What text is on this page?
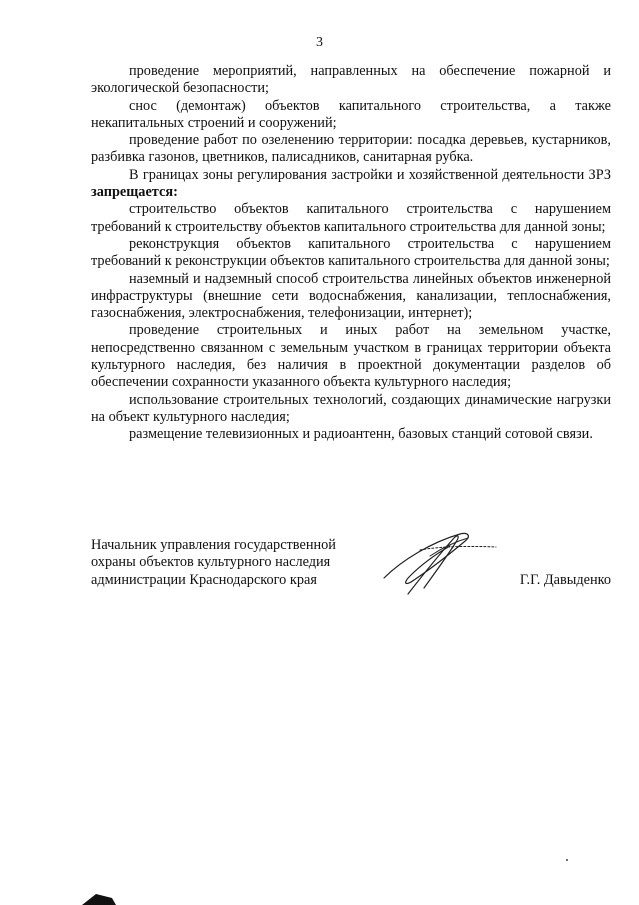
3

проведение мероприятий, направленных на обеспечение пожарной и экологической безопасности;

снос (демонтаж) объектов капитального строительства, а также некапитальных строений и сооружений;

проведение работ по озеленению территории: посадка деревьев, кустарников, разбивка газонов, цветников, палисадников, санитарная рубка.

В границах зоны регулирования застройки и хозяйственной деятельности ЗРЗ запрещается:

строительство объектов капитального строительства с нарушением требований к строительству объектов капитального строительства для данной зоны;

реконструкция объектов капитального строительства с нарушением требований к реконструкции объектов капитального строительства для данной зоны;

наземный и надземный способ строительства линейных объектов инженерной инфраструктуры (внешние сети водоснабжения, канализации, теплоснабжения, газоснабжения, электроснабжения, телефонизации, интернет);

проведение строительных и иных работ на земельном участке, непосредственно связанном с земельным участком в границах территории объекта культурного наследия, без наличия в проектной документации разделов об обеспечении сохранности указанного объекта культурного наследия;

использование строительных технологий, создающих динамические нагрузки на объект культурного наследия;

размещение телевизионных и радиоантенн, базовых станций сотовой связи.

Начальник управления государственной
охраны объектов культурного наследия
администрации Краснодарского края	Г.Г. Давыденко
